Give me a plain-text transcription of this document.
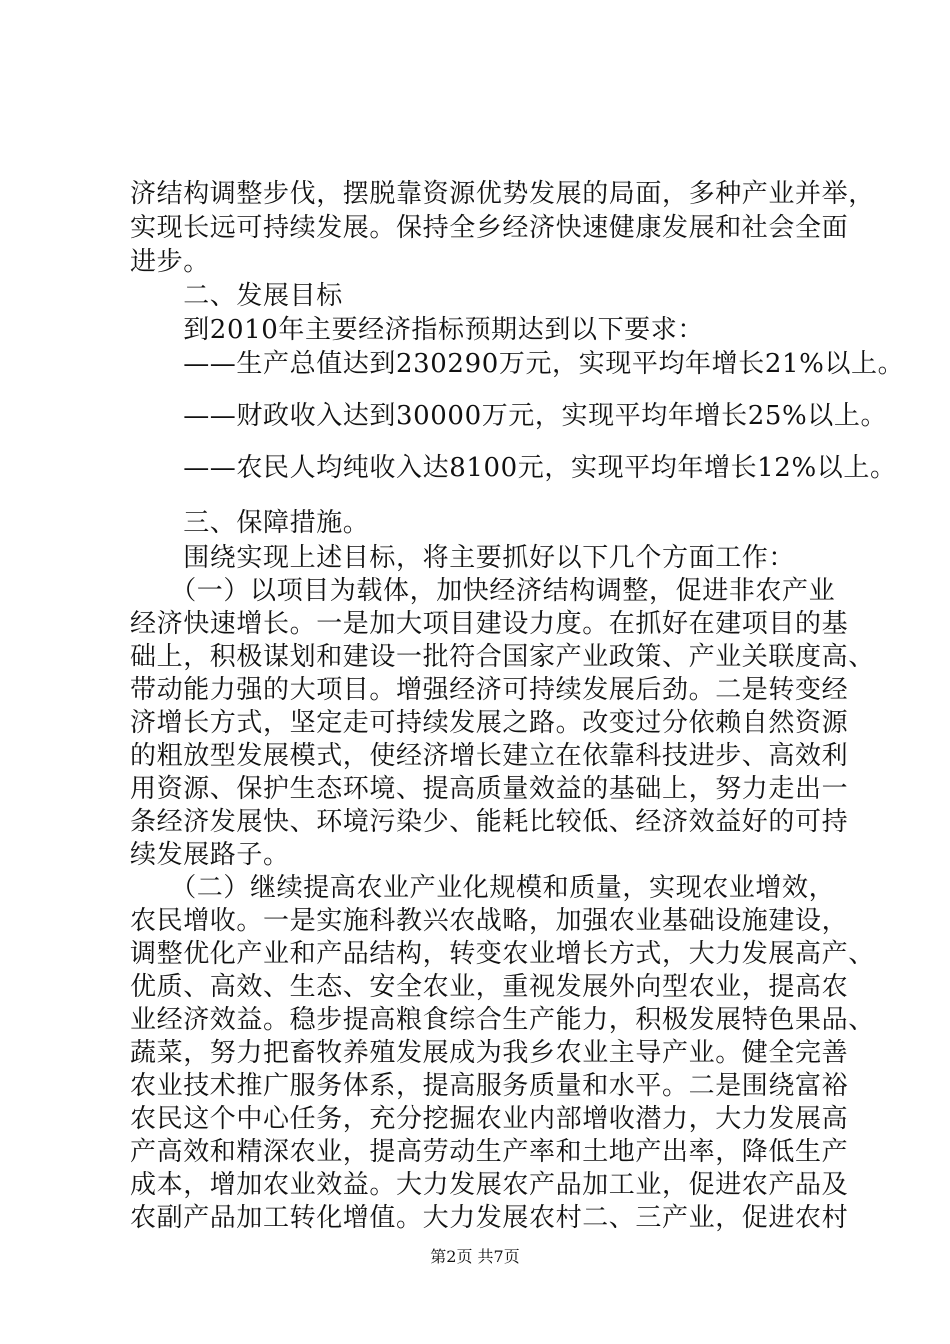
济结构调整步伐，摆脱靠资源优势发展的局面，多种产业并举，
实现长远可持续发展。保持全乡经济快速健康发展和社会全面
进步。
　　二、发展目标
　　到2010年主要经济指标预期达到以下要求：
　　——生产总值达到230290万元，实现平均年增长21%以上。
　　——财政收入达到30000万元，实现平均年增长25%以上。
　　——农民人均纯收入达8100元，实现平均年增长12%以上。
　　三、保障措施。
　　围绕实现上述目标，将主要抓好以下几个方面工作：
　　（一）以项目为载体，加快经济结构调整，促进非农产业
经济快速增长。一是加大项目建设力度。在抓好在建项目的基
础上，积极谋划和建设一批符合国家产业政策、产业关联度高、
带动能力强的大项目。增强经济可持续发展后劲。二是转变经
济增长方式，坚定走可持续发展之路。改变过分依赖自然资源
的粗放型发展模式，使经济增长建立在依靠科技进步、高效利
用资源、保护生态环境、提高质量效益的基础上，努力走出一
条经济发展快、环境污染少、能耗比较低、经济效益好的可持
续发展路子。
　　（二）继续提高农业产业化规模和质量，实现农业增效，
农民增收。一是实施科教兴农战略，加强农业基础设施建设，
调整优化产业和产品结构，转变农业增长方式，大力发展高产、
优质、高效、生态、安全农业，重视发展外向型农业，提高农
业经济效益。稳步提高粮食综合生产能力，积极发展特色果品、
蔬菜，努力把畜牧养殖发展成为我乡农业主导产业。健全完善
农业技术推广服务体系，提高服务质量和水平。二是围绕富裕
农民这个中心任务，充分挖掘农业内部增收潜力，大力发展高
产高效和精深农业，提高劳动生产率和土地产出率，降低生产
成本，增加农业效益。大力发展农产品加工业，促进农产品及
农副产品加工转化增值。大力发展农村二、三产业，促进农村
第2页 共7页
